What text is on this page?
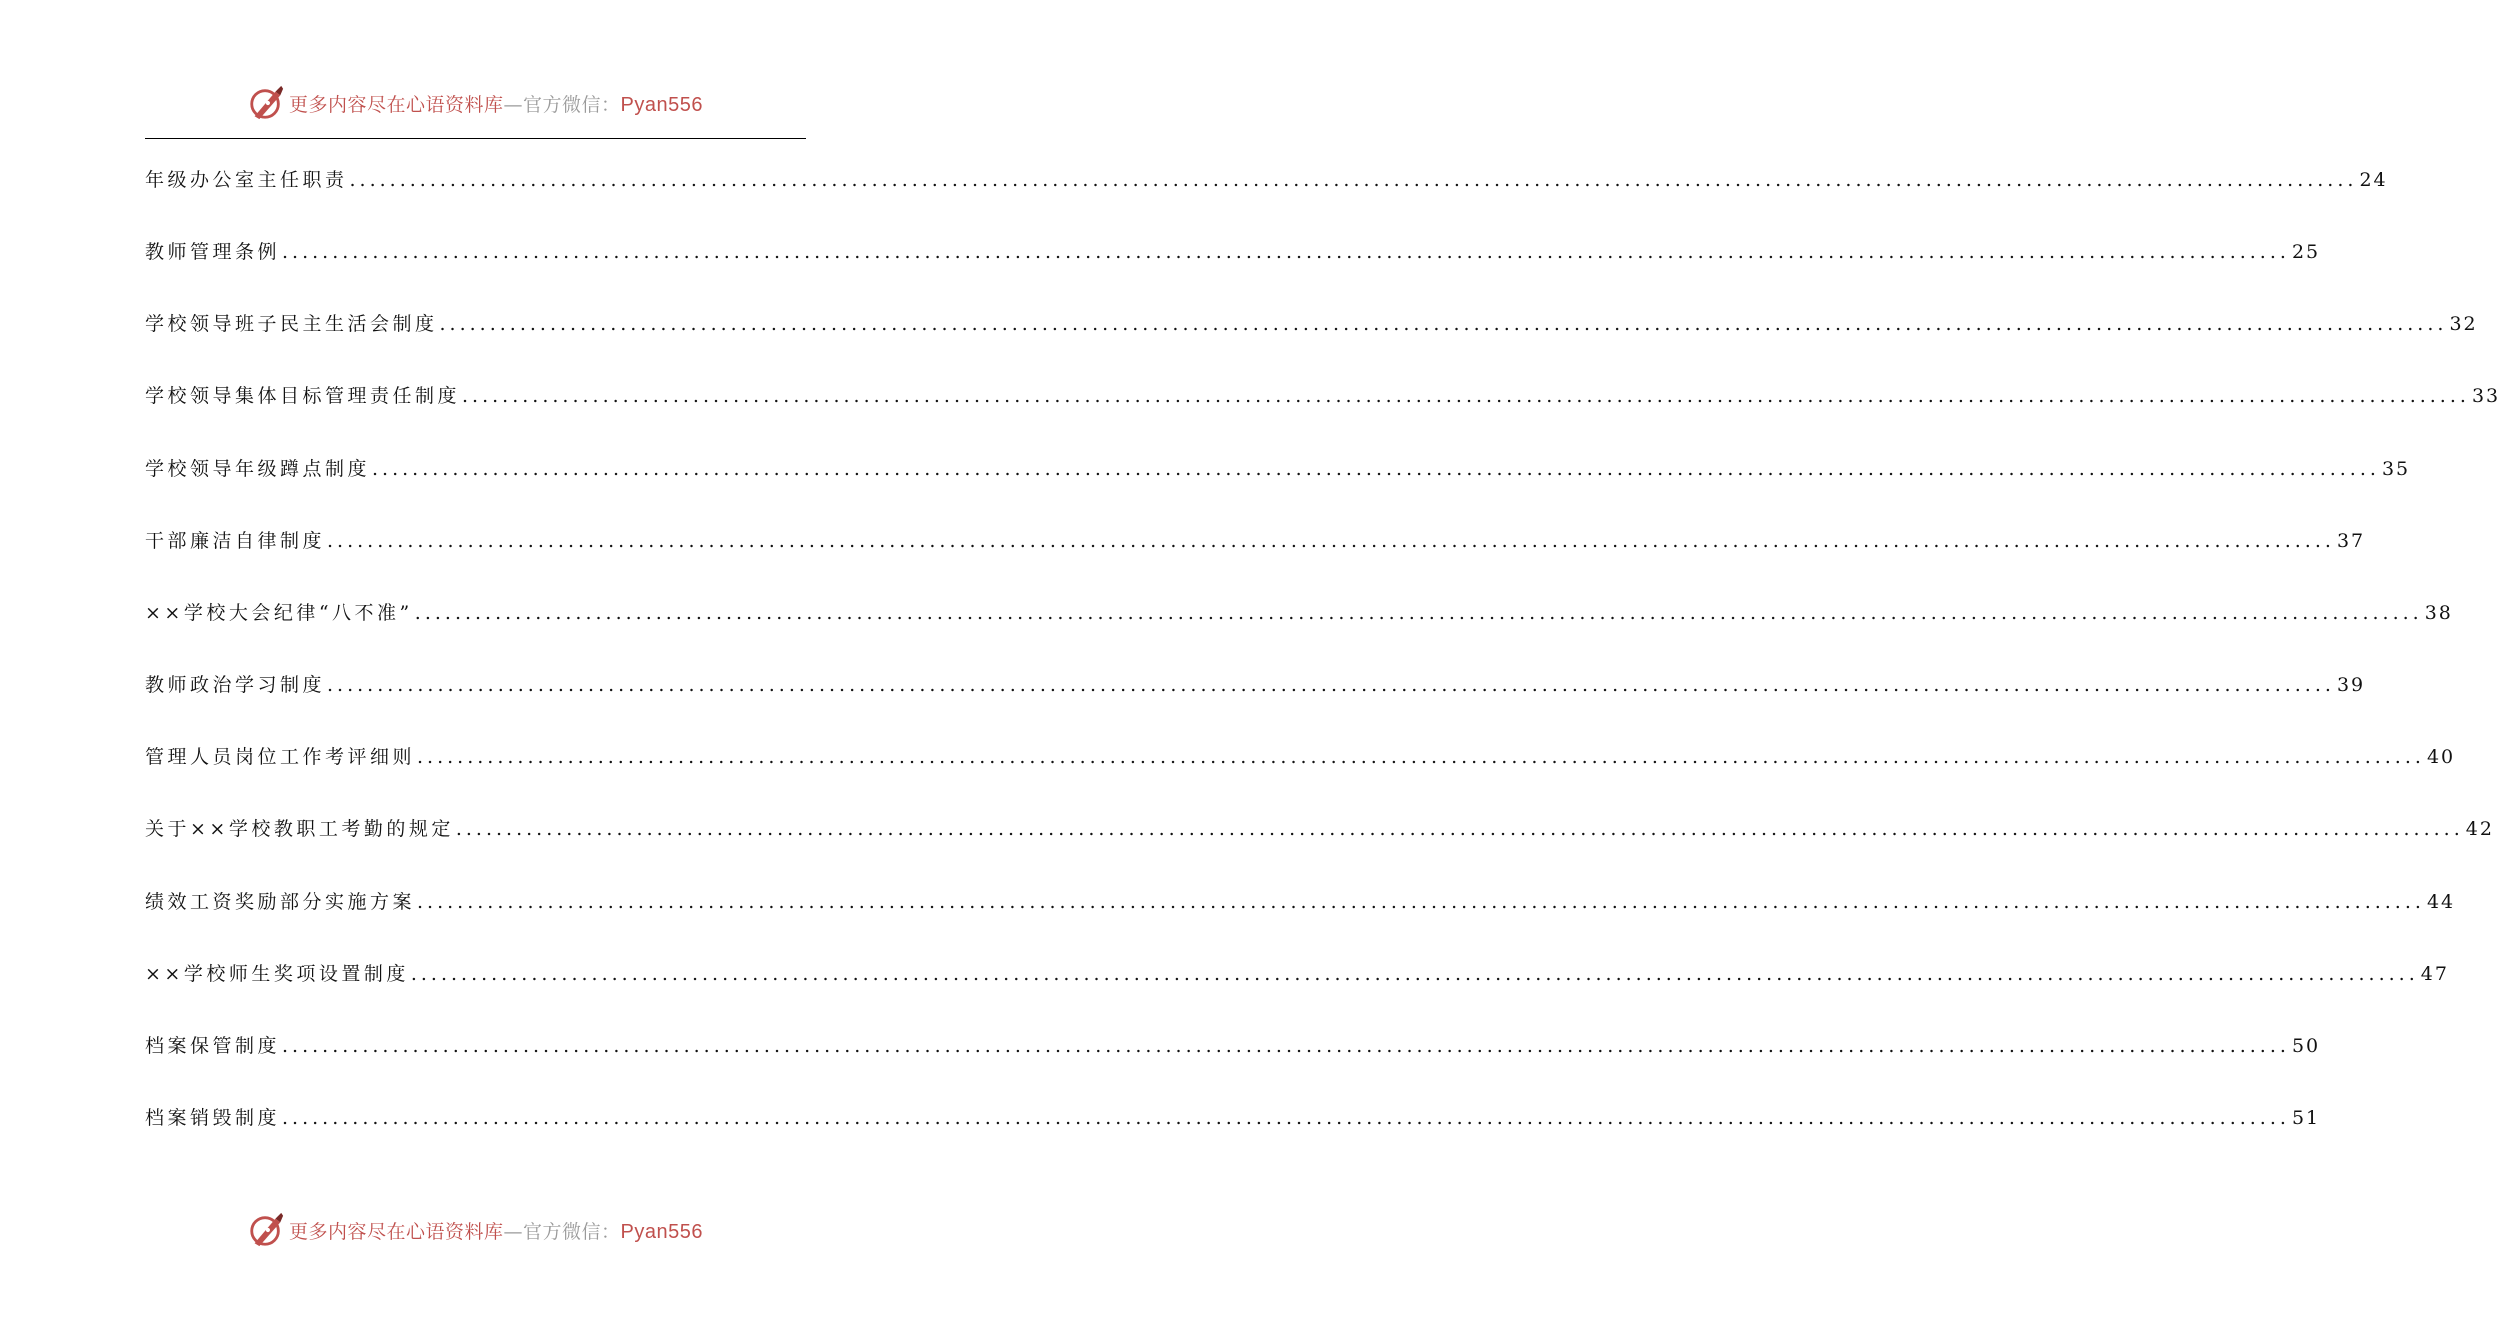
更多内容尽在心语资料库—官方微信：Pyan556
年级办公室主任职责 ........................................................................................................................................................................................................ 24
教师管理条例 ........................................................................................................................................................................................................ 25
学校领导班子民主生活会制度 ........................................................................................................................................................................................................ 32
学校领导集体目标管理责任制度 ........................................................................................................................................................................................................ 33
学校领导年级蹲点制度 ........................................................................................................................................................................................................ 35
干部廉洁自律制度 ........................................................................................................................................................................................................ 37
××学校大会纪律“八不准” ........................................................................................................................................................................................................ 38
教师政治学习制度 ........................................................................................................................................................................................................ 39
管理人员岗位工作考评细则 ........................................................................................................................................................................................................ 40
关于××学校教职工考勤的规定 ........................................................................................................................................................................................................ 42
绩效工资奖励部分实施方案 ........................................................................................................................................................................................................ 44
××学校师生奖项设置制度 ........................................................................................................................................................................................................ 47
档案保管制度 ........................................................................................................................................................................................................ 50
档案销毁制度 ........................................................................................................................................................................................................ 51
更多内容尽在心语资料库—官方微信：Pyan556
